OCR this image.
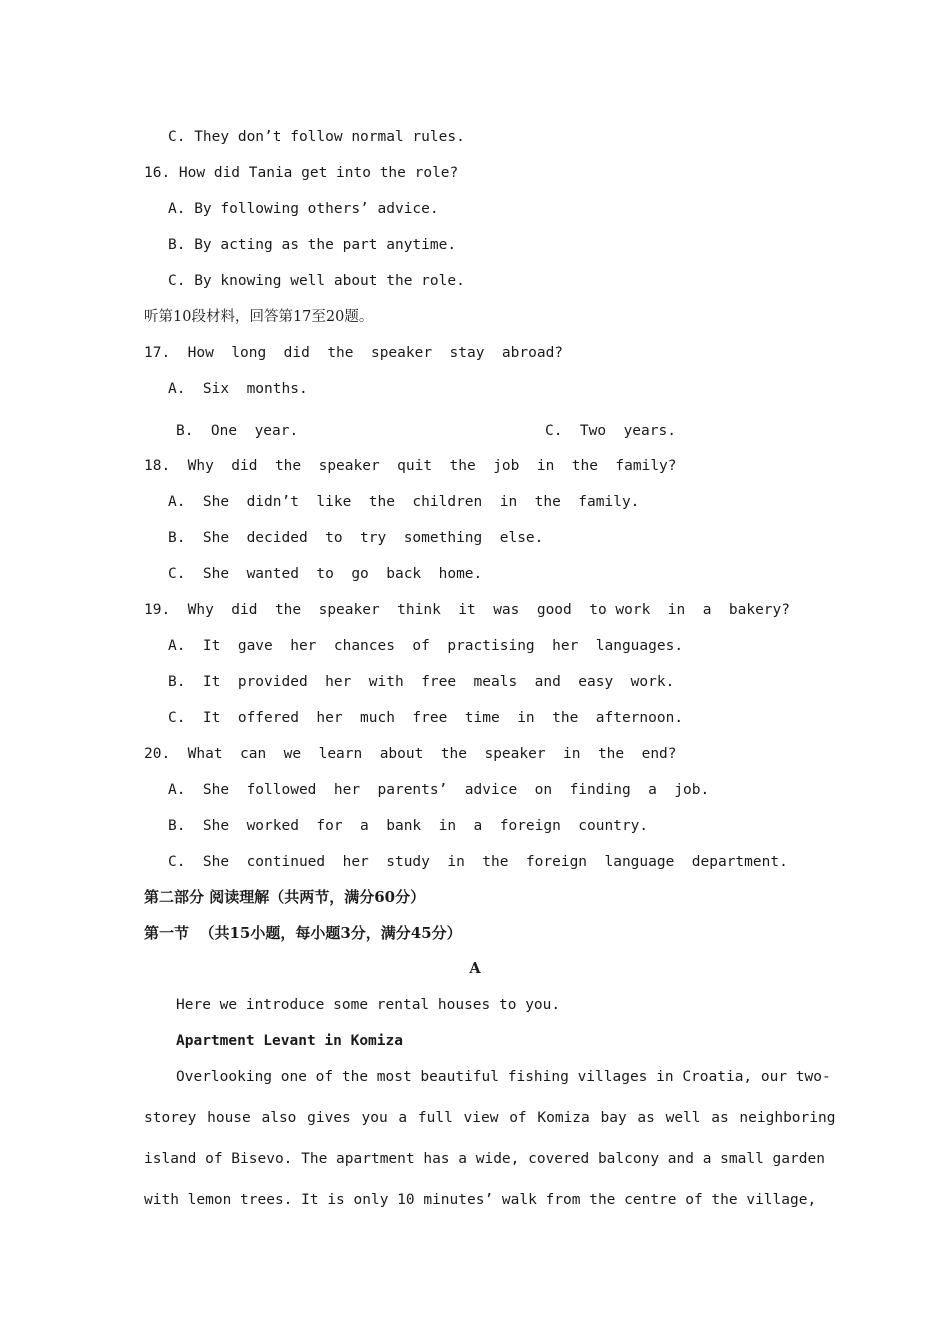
C. They don’t follow normal rules.
16. How did Tania get into the role?
A. By following others’ advice.
B. By acting as the part anytime.
C. By knowing well about the role.
听第10段材料，回答第17至20题。
17.  How  long  did  the  speaker  stay  abroad?
A.  Six  months.
B.  One  year.	C.  Two  years.
18.  Why  did  the  speaker  quit  the  job  in  the  family?
A.  She  didn’t  like  the  children  in  the  family.
B.  She  decided  to  try  something  else.
C.  She  wanted  to  go  back  home.
19.  Why  did  the  speaker  think  it  was  good  to work  in  a  bakery?
A.  It  gave  her  chances  of  practising  her  languages.
B.  It  provided  her  with  free  meals  and  easy  work.
C.  It  offered  her  much  free  time  in  the  afternoon.
20.  What  can  we  learn  about  the  speaker  in  the  end?
A.  She  followed  her  parents’  advice  on  finding  a  job.
B.  She  worked  for  a  bank  in  a  foreign  country.
C.  She  continued  her  study  in  the  foreign  language  department.
第二部分 阅读理解（共两节，满分60分）
第一节  （共15小题，每小题3分，满分45分）
A
Here we introduce some rental houses to you.
Apartment Levant in Komiza
Overlooking one of the most beautiful fishing villages in Croatia, our two-
storey house also gives you a full view of Komiza bay as well as neighboring
island of Bisevo. The apartment has a wide, covered balcony and a small garden
with lemon trees. It is only 10 minutes’ walk from the centre of the village,
